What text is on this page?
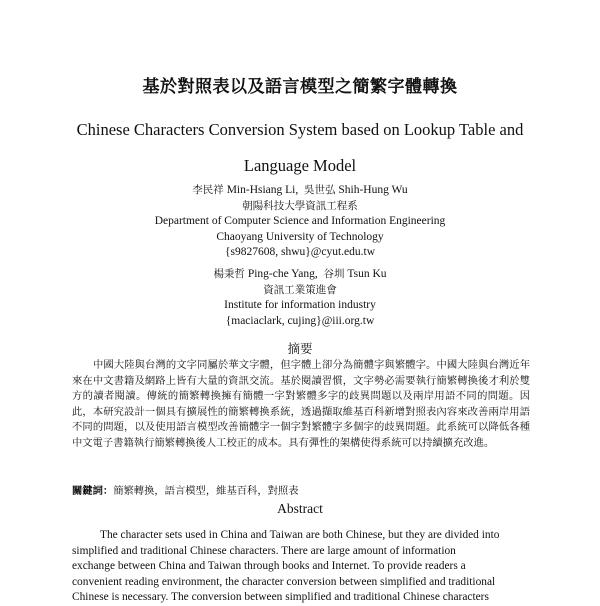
基於對照表以及語言模型之簡繁字體轉換
Chinese Characters Conversion System based on Lookup Table and Language Model
李民祥 Min-Hsiang Li, 吳世弘 Shih-Hung Wu
朝陽科技大學資訊工程系
Department of Computer Science and Information Engineering
Chaoyang University of Technology
{s9827608, shwu}@cyut.edu.tw
楊秉哲 Ping-che Yang, 谷圳 Tsun Ku
資訊工業策進會
Institute for information industry
{maciaclark, cujing}@iii.org.tw
摘要

中國大陸與台灣的文字同屬於華文字體，但字體上卻分為簡體字與繁體字。中國大陸與台灣近年來在中文書籍及網路上皆有大量的資訊交流。基於閱讀習慣，文字勢必需要執行簡繁轉換後才利於雙方的讀者閱讀。傳統的簡繁轉換擁有簡體一字對繁體多字的歧異問題以及兩岸用語不同的問題。因此，本研究設計一個具有擴展性的簡繁轉換系統，透過擷取維基百科新增對照表內容來改善兩岸用語不同的問題，以及使用語言模型改善簡體字一個字對繁體字多個字的歧異問題。此系統可以降低各種中文電子書籍執行簡繁轉換後人工校正的成本。具有彈性的架構使得系統可以持續擴充改進。

關鍵詞：簡繁轉換，語言模型，維基百科，對照表
Abstract
The character sets used in China and Taiwan are both Chinese, but they are divided into
simplified and traditional Chinese characters. There are large amount of information
exchange between China and Taiwan through books and Internet. To provide readers a
convenient reading environment, the character conversion between simplified and traditional
Chinese is necessary. The conversion between simplified and traditional Chinese characters
